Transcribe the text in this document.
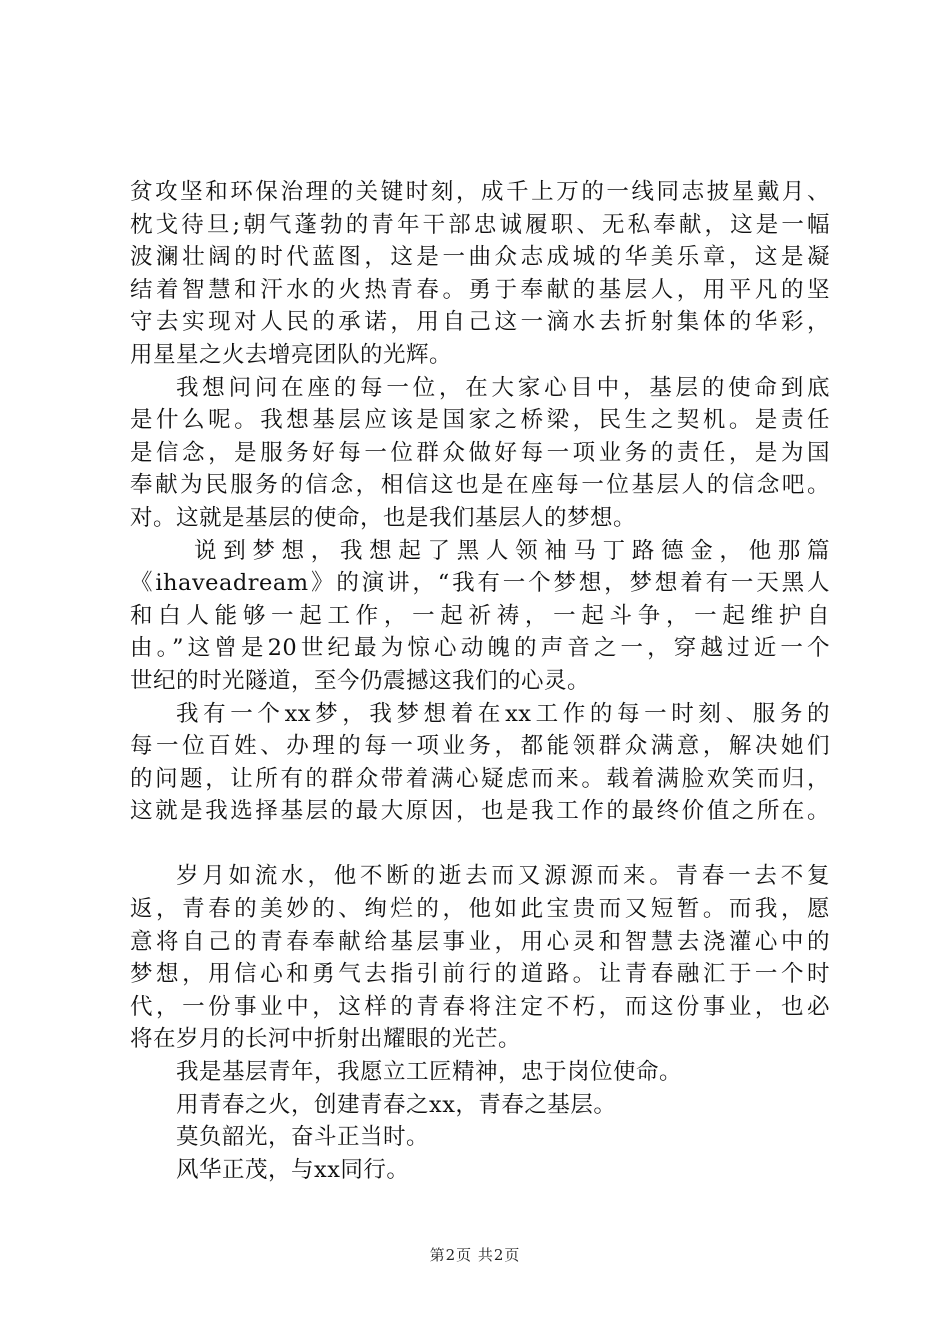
贫攻坚和环保治理的关键时刻，成千上万的一线同志披星戴月、
枕戈待旦;朝气蓬勃的青年干部忠诚履职、无私奉献，这是一幅
波澜壮阔的时代蓝图，这是一曲众志成城的华美乐章，这是凝
结着智慧和汗水的火热青春。勇于奉献的基层人，用平凡的坚
守去实现对人民的承诺，用自己这一滴水去折射集体的华彩，
用星星之火去增亮团队的光辉。
我想问问在座的每一位，在大家心目中，基层的使命到底
是什么呢。我想基层应该是国家之桥梁，民生之契机。是责任
是信念，是服务好每一位群众做好每一项业务的责任，是为国
奉献为民服务的信念，相信这也是在座每一位基层人的信念吧。
对。这就是基层的使命，也是我们基层人的梦想。
说到梦想，我想起了黑人领袖马丁路德金，他那篇
《ihaveadream》的演讲，“我有一个梦想，梦想着有一天黑人
和白人能够一起工作，一起祈祷，一起斗争，一起维护自
由。”这曾是20世纪最为惊心动魄的声音之一，穿越过近一个
世纪的时光隧道，至今仍震撼这我们的心灵。
我有一个xx梦，我梦想着在xx工作的每一时刻、服务的
每一位百姓、办理的每一项业务，都能领群众满意，解决她们
的问题，让所有的群众带着满心疑虑而来。载着满脸欢笑而归，
这就是我选择基层的最大原因，也是我工作的最终价值之所在。
岁月如流水，他不断的逝去而又源源而来。青春一去不复
返，青春的美妙的、绚烂的，他如此宝贵而又短暂。而我，愿
意将自己的青春奉献给基层事业，用心灵和智慧去浇灌心中的
梦想，用信心和勇气去指引前行的道路。让青春融汇于一个时
代，一份事业中，这样的青春将注定不朽，而这份事业，也必
将在岁月的长河中折射出耀眼的光芒。
我是基层青年，我愿立工匠精神，忠于岗位使命。
用青春之火，创建青春之xx，青春之基层。
莫负韶光，奋斗正当时。
风华正茂，与xx同行。
第2页 共2页
